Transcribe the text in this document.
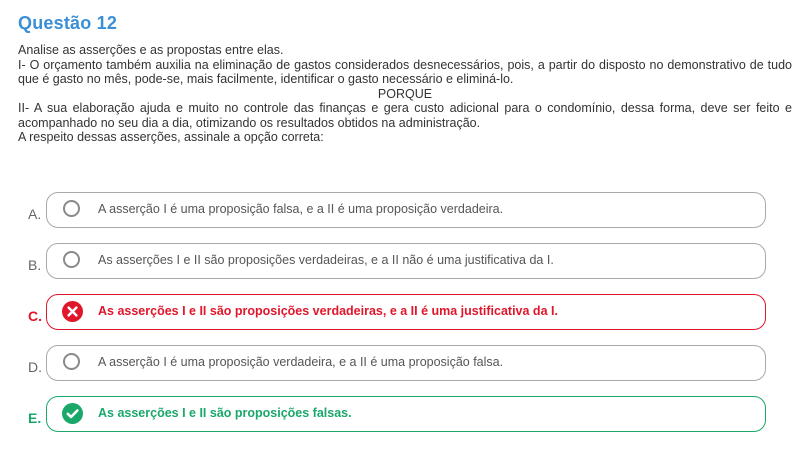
Questão 12

Analise as asserções e as propostas entre elas.

I- O orçamento também auxilia na eliminação de gastos considerados desnecessários, pois, a partir do disposto no demonstrativo de tudo que é gasto no mês, pode-se, mais facilmente, identificar o gasto necessário e eliminá-lo.

PORQUE

II- A sua elaboração ajuda e muito no controle das finanças e gera custo adicional para o condomínio, dessa forma, deve ser feito e acompanhado no seu dia a dia, otimizando os resultados obtidos na administração.

A respeito dessas asserções, assinale a opção correta:

A.	A asserção I é uma proposição falsa, e a II é uma proposição verdadeira.
B.	As asserções I e II são proposições verdadeiras, e a II não é uma justificativa da I.
C.	As asserções I e II são proposições verdadeiras, e a II é uma justificativa da I.
D.	A asserção I é uma proposição verdadeira, e a II é uma proposição falsa.
E.	As asserções I e II são proposições falsas.
